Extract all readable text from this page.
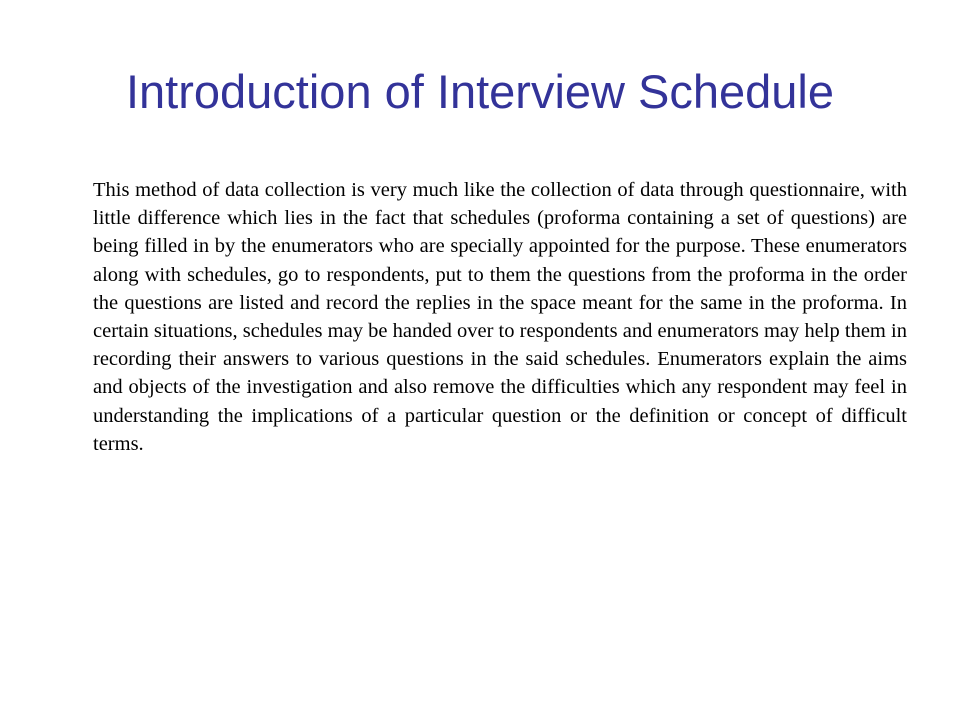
Introduction of Interview Schedule

This method of data collection is very much like the collection of data through questionnaire, with little difference which lies in the fact that schedules (proforma containing a set of questions) are being filled in by the enumerators who are specially appointed for the purpose. These enumerators along with schedules, go to respondents, put to them the questions from the proforma in the order the questions are listed and record the replies in the space meant for the same in the proforma. In certain situations, schedules may be handed over to respondents and enumerators may help them in recording their answers to various questions in the said schedules. Enumerators explain the aims and objects of the investigation and also remove the difficulties which any respondent may feel in understanding the implications of a particular question or the definition or concept of difficult terms.
